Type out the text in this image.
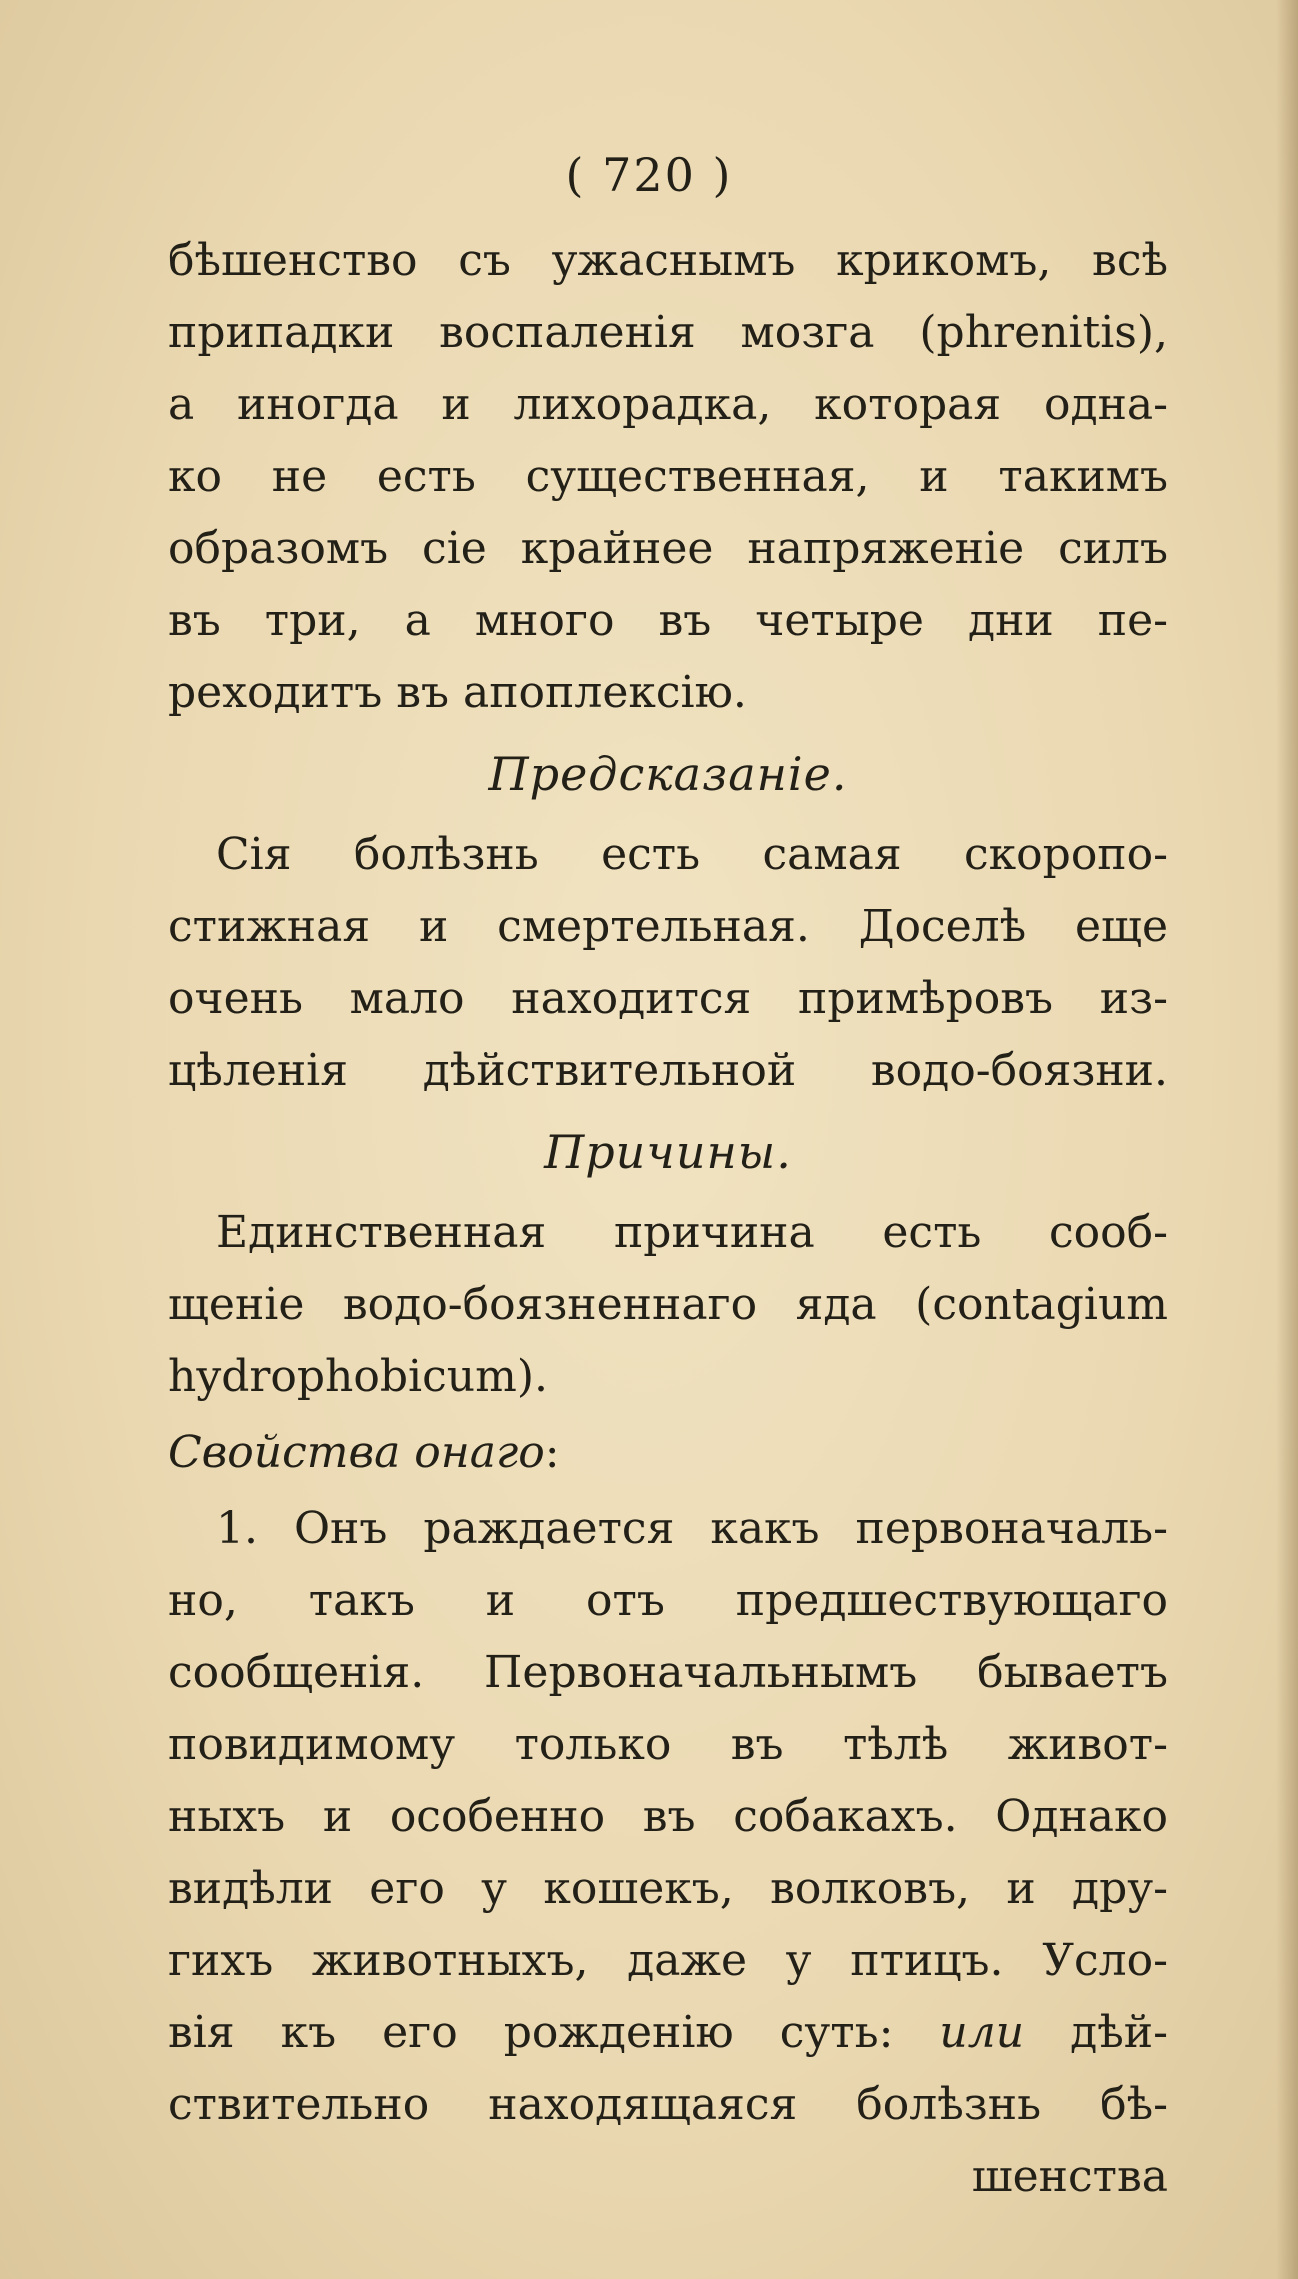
( 720 )
бѣшенство съ ужаснымъ крикомъ, всѣ
припадки воспаленія мозга (phrenitis),
а иногда и лихорадка, которая одна-
ко не есть существенная, и такимъ
образомъ сіе крайнее напряженіе силъ
въ три, а много въ четыре дни пе-
реходитъ въ апоплексію.
Предсказаніе.
Сія болѣзнь есть самая скоропо-
стижная и смертельная. Доселѣ еще
очень мало находится примѣровъ из-
цѣленія дѣйствительной водо-боязни.
Причины.
Единственная причина есть сооб-
щеніе водо-боязненнаго яда (contagium
hydrophobicum).
Свойства онаго:
1. Онъ раждается какъ первоначаль-
но, такъ и отъ предшествующаго
сообщенія. Первоначальнымъ бываетъ
повидимому только въ тѣлѣ живот-
ныхъ и особенно въ собакахъ. Однако
видѣли его у кошекъ, волковъ, и дру-
гихъ животныхъ, даже у птицъ. Усло-
вія къ его рожденію суть: или дѣй-
ствительно находящаяся болѣзнь бѣ-
шенства
